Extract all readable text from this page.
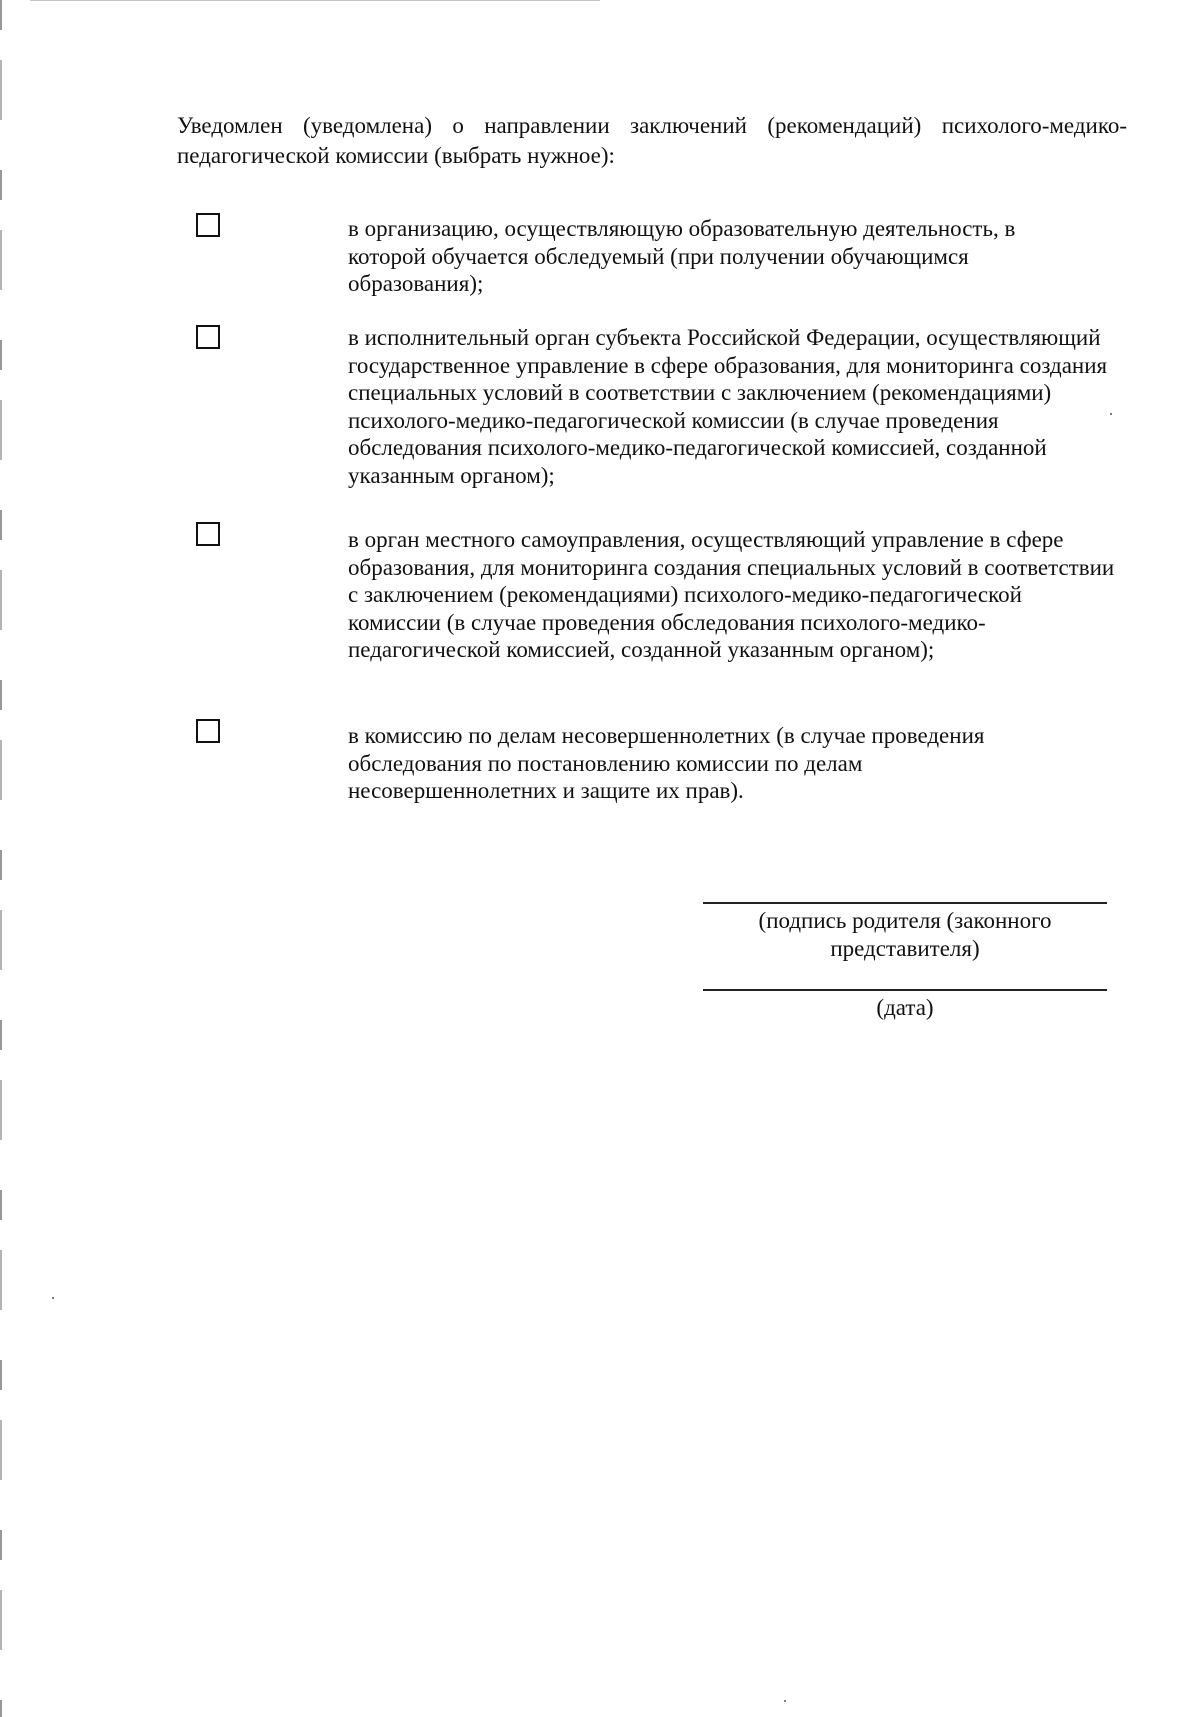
Уведомлен (уведомлена) о направлении заключений (рекомендаций) психолого-медико-педагогической комиссии (выбрать нужное):

в организацию, осуществляющую образовательную деятельность, в которой обучается обследуемый (при получении обучающимся образования);

в исполнительный орган субъекта Российской Федерации, осуществляющий государственное управление в сфере образования, для мониторинга создания специальных условий в соответствии с заключением (рекомендациями) психолого-медико-педагогической комиссии (в случае проведения обследования психолого-медико-педагогической комиссией, созданной указанным органом);

в орган местного самоуправления, осуществляющий управление в сфере образования, для мониторинга создания специальных условий в соответствии с заключением (рекомендациями) психолого-медико-педагогической комиссии (в случае проведения обследования психолого-медико-педагогической комиссией, созданной указанным органом);

в комиссию по делам несовершеннолетних (в случае проведения обследования по постановлению комиссии по делам несовершеннолетних и защите их прав).

(подпись родителя (законного
представителя)

(дата)
